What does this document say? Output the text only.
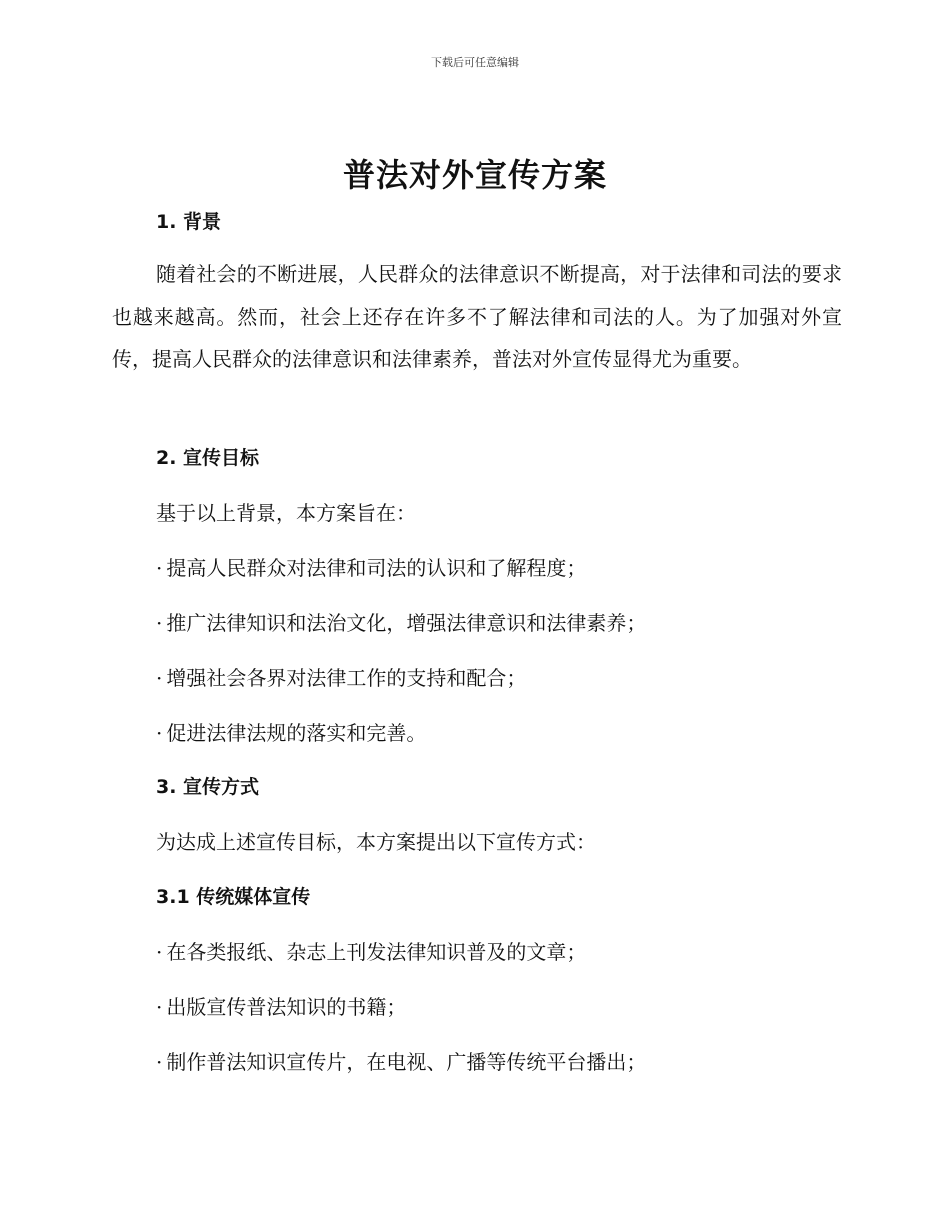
下载后可任意编辑
普法对外宣传方案
1. 背景

随着社会的不断进展，人民群众的法律意识不断提高，对于法律和司法的要求也越来越高。然而，社会上还存在许多不了解法律和司法的人。为了加强对外宣传，提高人民群众的法律意识和法律素养，普法对外宣传显得尤为重要。

2. 宣传目标

基于以上背景，本方案旨在：

· 提高人民群众对法律和司法的认识和了解程度；

· 推广法律知识和法治文化，增强法律意识和法律素养；

· 增强社会各界对法律工作的支持和配合；

· 促进法律法规的落实和完善。

3. 宣传方式

为达成上述宣传目标，本方案提出以下宣传方式：

3.1 传统媒体宣传

· 在各类报纸、杂志上刊发法律知识普及的文章；

· 出版宣传普法知识的书籍；

· 制作普法知识宣传片，在电视、广播等传统平台播出；
